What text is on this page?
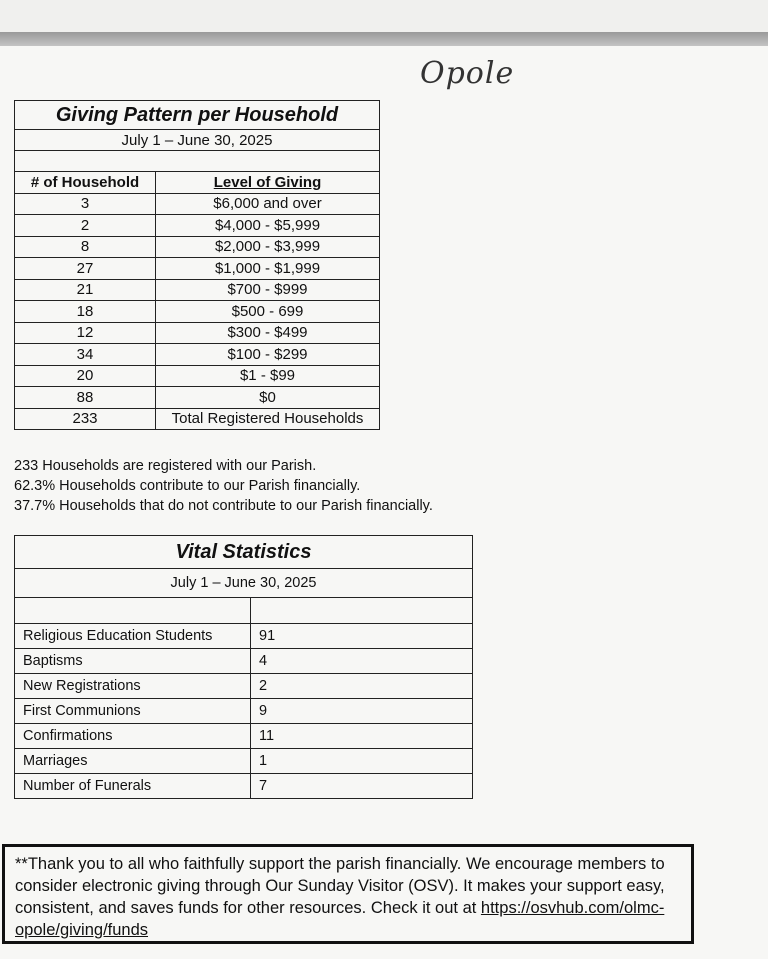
Opole
Giving Pattern per Household	
July 1 – June 30, 2025	

# of Household	Level of Giving
3	$6,000 and over
2	$4,000 - $5,999
8	$2,000 - $3,999
27	$1,000 - $1,999
21	$700 - $999
18	$500 - 699
12	$300 - $499
34	$100 - $299
20	$1 - $99
88	$0
233	Total Registered Households
233 Households are registered with our Parish.
62.3% Households contribute to our Parish financially.
37.7% Households that do not contribute to our Parish financially.
Vital Statistics	
July 1 – June 30, 2025	

Religious Education Students	91
Baptisms	4
New Registrations	2
First Communions	9
Confirmations	11
Marriages	1
Number of Funerals	7
**Thank you to all who faithfully support the parish financially. We encourage members to consider electronic giving through Our Sunday Visitor (OSV). It makes your support easy, consistent, and saves funds for other resources. Check it out at https://osvhub.com/olmc-opole/giving/funds
